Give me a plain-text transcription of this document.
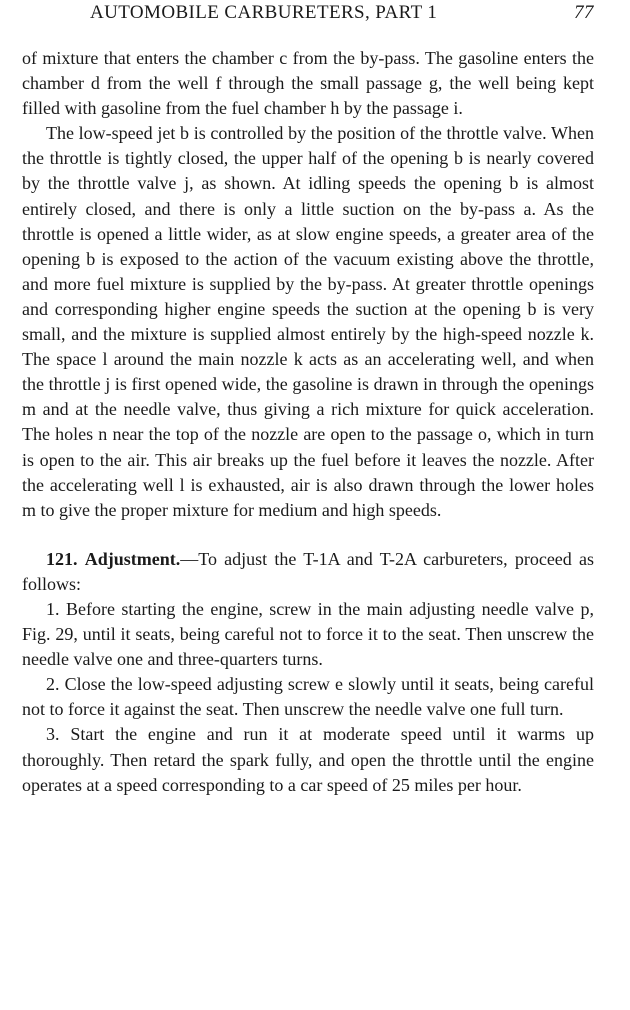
AUTOMOBILE CARBURETERS, PART 1	77

of mixture that enters the chamber c from the by-pass. The gasoline enters the chamber d from the well f through the small passage g, the well being kept filled with gasoline from the fuel chamber h by the passage i.

The low-speed jet b is controlled by the position of the throttle valve. When the throttle is tightly closed, the upper half of the opening b is nearly covered by the throttle valve j, as shown. At idling speeds the opening b is almost entirely closed, and there is only a little suction on the by-pass a. As the throttle is opened a little wider, as at slow engine speeds, a greater area of the opening b is exposed to the action of the vacuum existing above the throttle, and more fuel mixture is supplied by the by-pass. At greater throttle openings and corresponding higher engine speeds the suction at the opening b is very small, and the mixture is supplied almost entirely by the high-speed nozzle k. The space l around the main nozzle k acts as an accelerating well, and when the throttle j is first opened wide, the gasoline is drawn in through the openings m and at the needle valve, thus giving a rich mixture for quick acceleration. The holes n near the top of the nozzle are open to the passage o, which in turn is open to the air. This air breaks up the fuel before it leaves the nozzle. After the accelerating well l is exhausted, air is also drawn through the lower holes m to give the proper mixture for medium and high speeds.

121. Adjustment.—To adjust the T-1A and T-2A carbureters, proceed as follows:

1. Before starting the engine, screw in the main adjusting needle valve p, Fig. 29, until it seats, being careful not to force it to the seat. Then unscrew the needle valve one and three-quarters turns.

2. Close the low-speed adjusting screw e slowly until it seats, being careful not to force it against the seat. Then unscrew the needle valve one full turn.

3. Start the engine and run it at moderate speed until it warms up thoroughly. Then retard the spark fully, and open the throttle until the engine operates at a speed corresponding to a car speed of 25 miles per hour.
